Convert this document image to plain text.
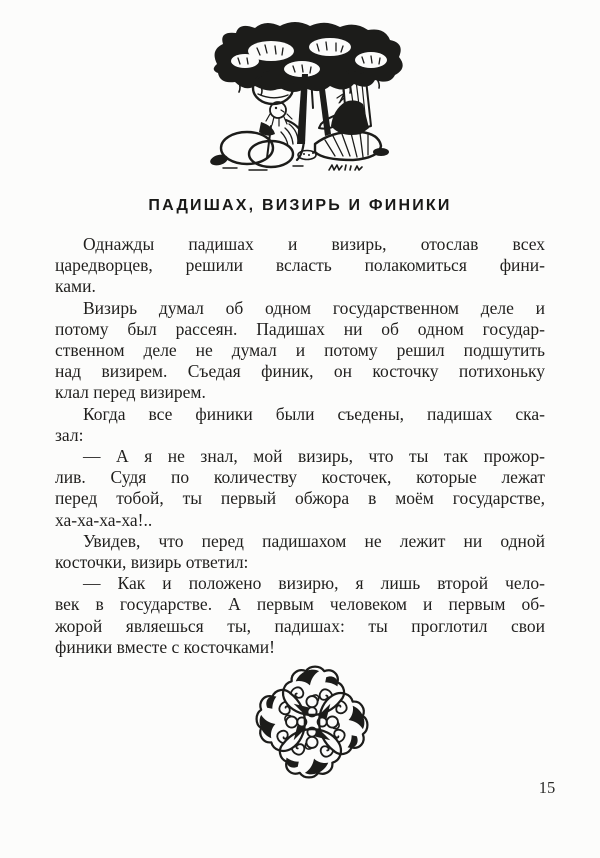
ПАДИШАХ, ВИЗИРЬ И ФИНИКИ
Однажды падишах и визирь, отослав всех
царедворцев, решили всласть полакомиться фини-
ками.
Визирь думал об одном государственном деле и
потому был рассеян. Падишах ни об одном государ-
ственном деле не думал и потому решил подшутить
над визирем. Съедая финик, он косточку потихоньку
клал перед визирем.
Когда все финики были съедены, падишах ска-
зал:
— А я не знал, мой визирь, что ты так прожор-
лив. Судя по количеству косточек, которые лежат
перед тобой, ты первый обжора в моём государстве,
ха-ха-ха-ха!..
Увидев, что перед падишахом не лежит ни одной
косточки, визирь ответил:
— Как и положено визирю, я лишь второй чело-
век в государстве. А первым человеком и первым об-
жорой являешься ты, падишах: ты проглотил свои
финики вместе с косточками!
15
